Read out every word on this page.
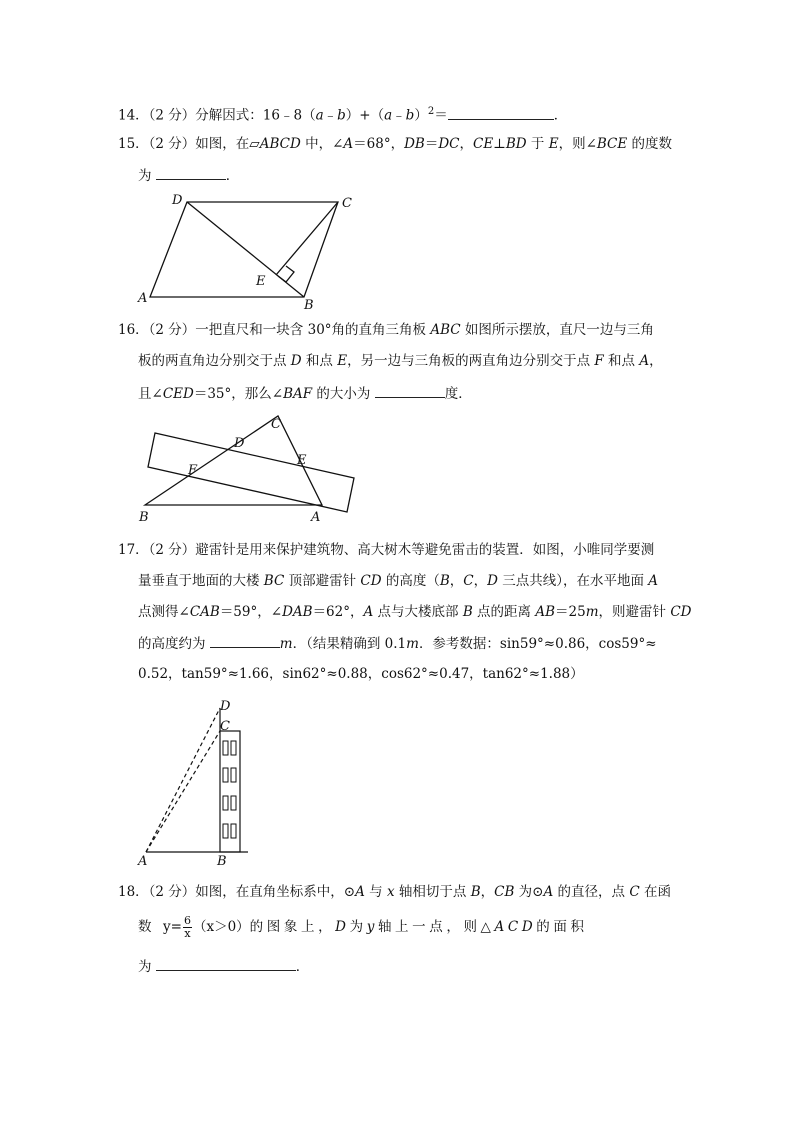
14．（2 分）分解因式：16﹣8（a﹣b）+（a﹣b）$^2$＝	．
15．（2 分）如图，在▱ABCD 中，∠A＝68°，DB＝DC，CE⊥BD 于 E，则∠BCE 的度数
为	．
D	C
A	B
E
16．（2 分）一把直尺和一块含 30°角的直角三角板 ABC 如图所示摆放，直尺一边与三角
板的两直角边分别交于点 D 和点 E，另一边与三角板的两直角边分别交于点 F 和点 A，
且∠CED＝35°，那么∠BAF 的大小为	度．
C
D
E
F
B	A
17．（2 分）避雷针是用来保护建筑物、高大树木等避免雷击的装置．如图，小唯同学要测
量垂直于地面的大楼 BC 顶部避雷针 CD 的高度（B，C，D 三点共线），在水平地面 A
点测得∠CAB＝59°，∠DAB＝62°，A 点与大楼底部 B 点的距离 AB＝25m，则避雷针 CD
的高度约为	m．（结果精确到 0.1m．参考数据：sin59°≈0.86，cos59°≈
0.52，tan59°≈1.66，sin62°≈0.88，cos62°≈0.47，tan62°≈1.88）
D
C
A	B
18．（2 分）如图，在直角坐标系中，⊙A 与 x 轴相切于点 B，CB 为⊙A 的直径，点 C 在函
数 $y= \frac{6}{x} (x>0)$的图象上，D为y轴上一点，则△ACD的面积
为	．
